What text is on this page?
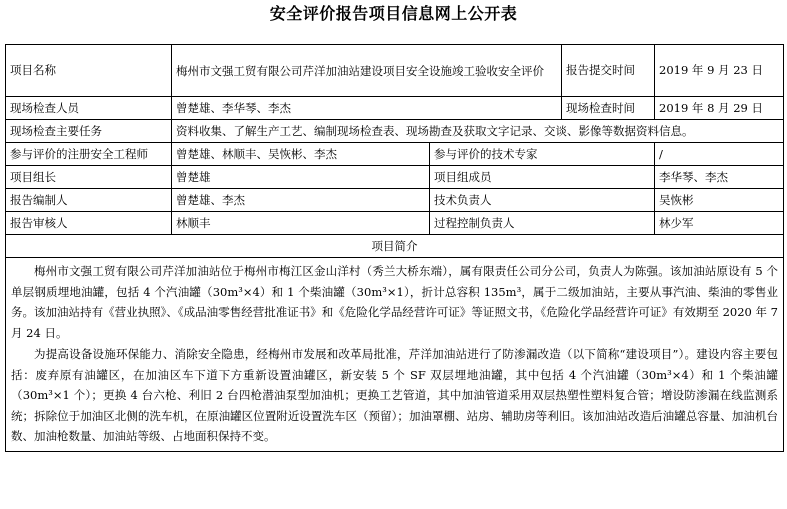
安全评价报告项目信息网上公开表
项目名称	梅州市文强工贸有限公司芹洋加油站建设项目安全设施竣工验收安全评价		报告提交时间	2019 年 9 月 23 日
现场检查人员	曾楚雄、李华琴、李杰		现场检查时间	2019 年 8 月 29 日
现场检查主要任务	资料收集、了解生产工艺、编制现场检查表、现场勘查及获取文字记录、交谈、影像等数据资料信息。			
参与评价的注册安全工程师	曾楚雄、林顺丰、吴恢彬、李杰	参与评价的技术专家		/
项目组长	曾楚雄	项目组成员		李华琴、李杰
报告编制人	曾楚雄、李杰	技术负责人		吴恢彬
报告审核人	林顺丰	过程控制负责人		林少军
项目简介				

梅州市文强工贸有限公司芹洋加油站位于梅州市梅江区金山洋村（秀兰大桥东端），属有限责任公司分公司，负责人为陈强。该加油站原设有 5 个单层钢质埋地油罐，包括 4 个汽油罐（30m³×4）和 1 个柴油罐（30m³×1），折计总容积 135m³，属于二级加油站，主要从事汽油、柴油的零售业务。该加油站持有《营业执照》、《成品油零售经营批准证书》和《危险化学品经营许可证》等证照文书，《危险化学品经营许可证》有效期至 2020 年 7 月 24 日。

为提高设备设施环保能力、消除安全隐患，经梅州市发展和改革局批准，芹洋加油站进行了防渗漏改造（以下简称“建设项目”）。建设内容主要包括：废弃原有油罐区，在加油区车下道下方重新设置油罐区，新安装 5 个 SF 双层埋地油罐，其中包括 4 个汽油罐（30m³×4）和 1 个柴油罐（30m³×1 个）；更换 4 台六枪、利旧 2 台四枪潜油泵型加油机；更换工艺管道，其中加油管道采用双层热塑性塑料复合管；增设防渗漏在线监测系统；拆除位于加油区北侧的洗车机，在原油罐区位置附近设置洗车区（预留）；加油罩棚、站房、辅助房等利旧。该加油站改造后油罐总容量、加油机台数、加油枪数量、加油站等级、占地面积保持不变。				
